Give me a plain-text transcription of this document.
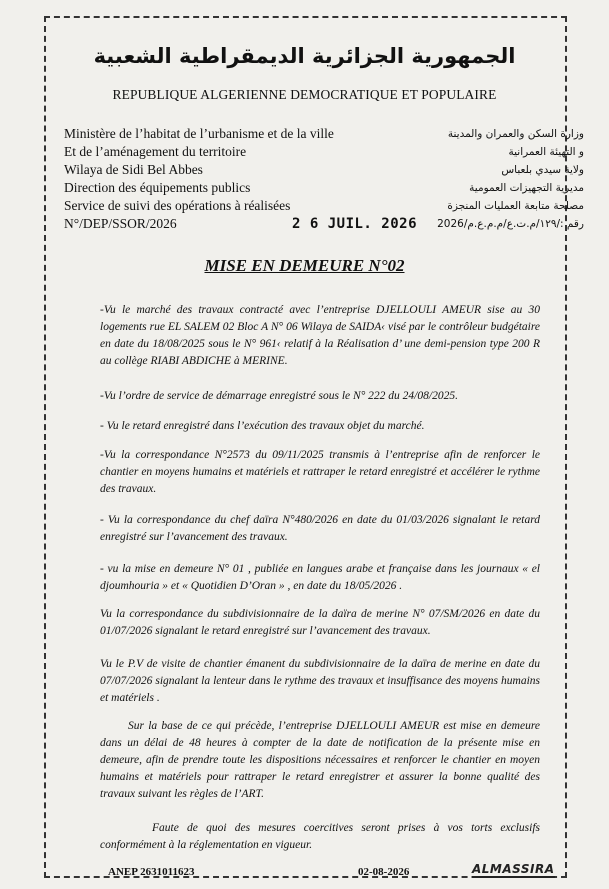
الجمهورية الجزائرية الديمقراطية الشعبية
REPUBLIQUE ALGERIENNE DEMOCRATIQUE ET POPULAIRE
Ministère de l’habitat de l’urbanisme et de la ville
Et de l’aménagement du territoire
Wilaya de Sidi Bel Abbes
Direction des équipements publics
Service de suivi des opérations à réalisées
N°/DEP/SSOR/2026
وزارة السكن والعمران والمدينة
و التهيئة العمرانية
ولاية سيدي بلعباس
مديرية التجهيزات العمومية
مصلحة متابعة العمليات المنجزة
رقم :/١٢٩/م.ت.ع/م.م.ع.م/2026
2 6 JUIL. 2026
MISE EN DEMEURE N°02
-Vu le marché des travaux contracté avec l’entreprise DJELLOULI AMEUR sise au 30 logements rue EL SALEM 02 Bloc A N° 06 Wilaya de SAIDA‹ visé par le contrôleur budgétaire en date du 18/08/2025 sous le N° 961‹ relatif à la Réalisation d’ une demi-pension type 200 R au collège RIABI ABDICHE à MERINE.
-Vu l’ordre de service de démarrage enregistré sous le N° 222 du 24/08/2025.
- Vu le retard enregistré dans l’exécution des travaux objet du marché.
-Vu la correspondance N°2573 du 09/11/2025 transmis à l’entreprise afin de renforcer le chantier en moyens humains et matériels et rattraper le retard enregistré et accélérer le rythme des travaux.
- Vu la correspondance du chef daïra N°480/2026 en date du 01/03/2026 signalant le retard enregistré sur l’avancement des travaux.
- vu la mise en demeure N° 01 , publiée en langues arabe et française dans les journaux « el djoumhouria » et « Quotidien D’Oran » , en date du 18/05/2026 .
Vu la correspondance du subdivisionnaire de la daïra de merine N° 07/SM/2026 en date du 01/07/2026 signalant le retard enregistré sur l’avancement des travaux.
Vu le P.V de visite de chantier émanent du subdivisionnaire de la daïra de merine en date du 07/07/2026 signalant la lenteur dans le rythme des travaux et insuffisance des moyens humains et matériels .
Sur la base de ce qui précède, l’entreprise DJELLOULI AMEUR est mise en demeure dans un délai de 48 heures à compter de la date de notification de la présente mise en demeure, afin de prendre toute les dispositions nécessaires et renforcer le chantier en moyen humains et matériels pour rattraper le retard enregistrer et assurer la bonne qualité des travaux suivant les règles de l’ART.
Faute de quoi des mesures coercitives seront prises à vos torts exclusifs conformément à la réglementation en vigueur.
ANEP 2631011623	02-08-2026	ALMASSIRA
